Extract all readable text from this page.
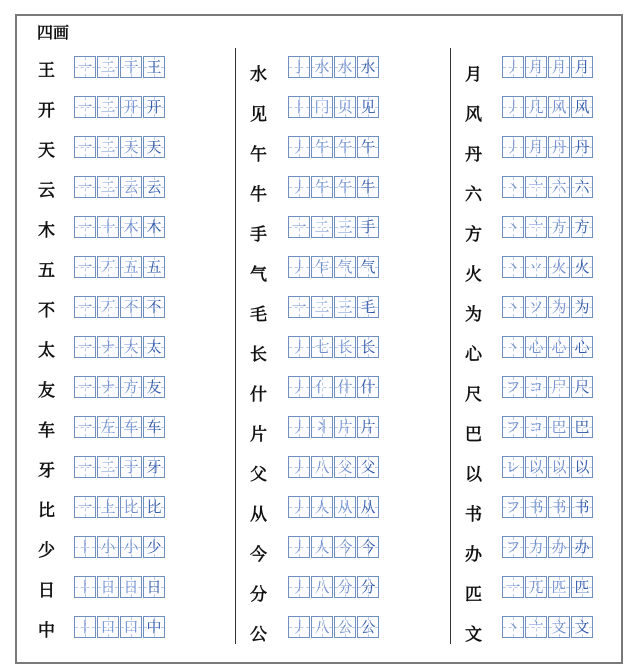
四画
王 一 二 干 王
开 一 二 开 开
天 一 二 天 天
云 一 二 云 云
木 一 十 木 木
五 一 丆 五 五
不 一 丆 不 不
太 一 ナ 大 太
友 一 ナ 方 友
车 一 左 车 车
牙 一 二 于 牙
比 一 上 比 比
少 丨 小 小 少
日 丨 日 日 日
中 丨 口 口 中
水 亅 水 水 水
见 丨 冂 贝 见
午 丿 午 午 午
牛 丿 午 午 牛
手 一 二 三 手
气 丿 乍 气 气
毛 一 二 三 毛
长 丿 七 长 长
什 丿 亻 什 什
片 丿 丬 片 片
父 丿 八 父 父
从 丿 人 从 从
今 丿 人 今 今
分 丿 八 分 分
公 丿 八 公 公
月 丿 月 月 月
风 丿 几 风 风
丹 丿 月 丹 丹
六 丶 亠 六 六
方 丶 亠 方 方
火 丶 丷 火 火
为 丶 ソ 为 为
心 丶 心 心 心
尺 フ コ 尸 尺
巴 フ コ 巴 巴
以 レ 以 以 以
书 フ 书 书 书
办 フ 力 办 办
匹 一 兀 匹 匹
文 丶 亠 文 文
